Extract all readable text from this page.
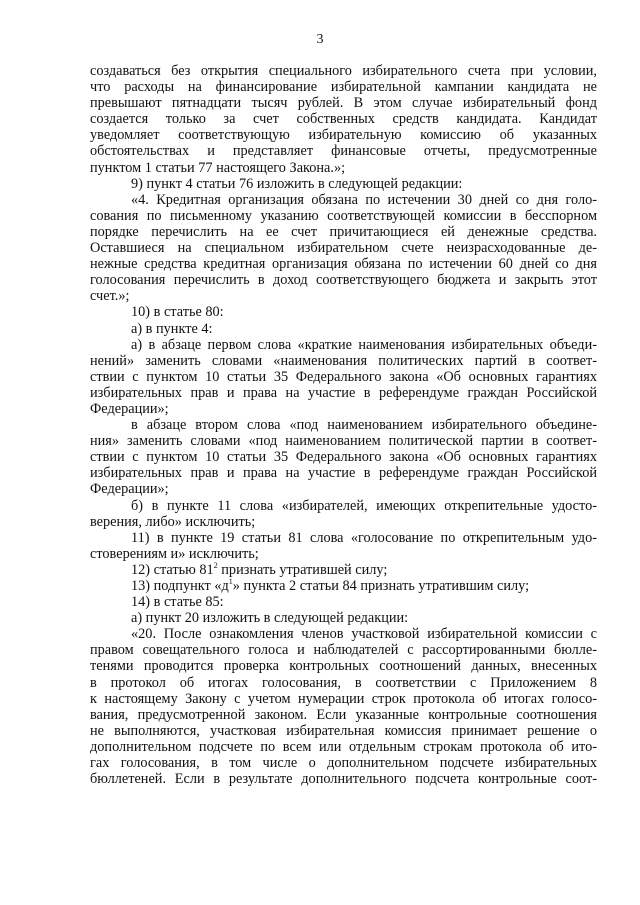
3
создаваться без открытия специального избирательного счета при условии,
что расходы на финансирование избирательной кампании кандидата не
превышают пятнадцати тысяч рублей. В этом случае избирательный фонд
создается только за счет собственных средств кандидата. Кандидат
уведомляет соответствующую избирательную комиссию об указанных
обстоятельствах и представляет финансовые отчеты, предусмотренные
пунктом 1 статьи 77 настоящего Закона.»;
9) пункт 4 статьи 76 изложить в следующей редакции:
«4. Кредитная организация обязана по истечении 30 дней со дня голо-
сования по письменному указанию соответствующей комиссии в бесспорном
порядке перечислить на ее счет причитающиеся ей денежные средства.
Оставшиеся на специальном избирательном счете неизрасходованные де-
нежные средства кредитная организация обязана по истечении 60 дней со дня
голосования перечислить в доход соответствующего бюджета и закрыть этот
счет.»;
10) в статье 80:
а) в пункте 4:
а) в абзаце первом слова «краткие наименования избирательных объеди-
нений» заменить словами «наименования политических партий в соответ-
ствии с пунктом 10 статьи 35 Федерального закона «Об основных гарантиях
избирательных прав и права на участие в референдуме граждан Российской
Федерации»;
в абзаце втором слова «под наименованием избирательного объедине-
ния» заменить словами «под наименованием политической партии в соответ-
ствии с пунктом 10 статьи 35 Федерального закона «Об основных гарантиях
избирательных прав и права на участие в референдуме граждан Российской
Федерации»;
б) в пункте 11 слова «избирателей, имеющих открепительные удосто-
верения, либо» исключить;
11) в пункте 19 статьи 81 слова «голосование по открепительным удо-
стоверениям и» исключить;
12) статью $81^2$ признать утратившей силу;
13) подпункт «$д^1$» пункта 2 статьи 84 признать утратившим силу;
14) в статье 85:
а) пункт 20 изложить в следующей редакции:
«20. После ознакомления членов участковой избирательной комиссии с
правом совещательного голоса и наблюдателей с рассортированными бюлле-
тенями проводится проверка контрольных соотношений данных, внесенных
в протокол об итогах голосования, в соответствии с Приложением 8
к настоящему Закону с учетом нумерации строк протокола об итогах голосо-
вания, предусмотренной законом. Если указанные контрольные соотношения
не выполняются, участковая избирательная комиссия принимает решение о
дополнительном подсчете по всем или отдельным строкам протокола об ито-
гах голосования, в том числе о дополнительном подсчете избирательных
бюллетеней. Если в результате дополнительного подсчета контрольные соот-
